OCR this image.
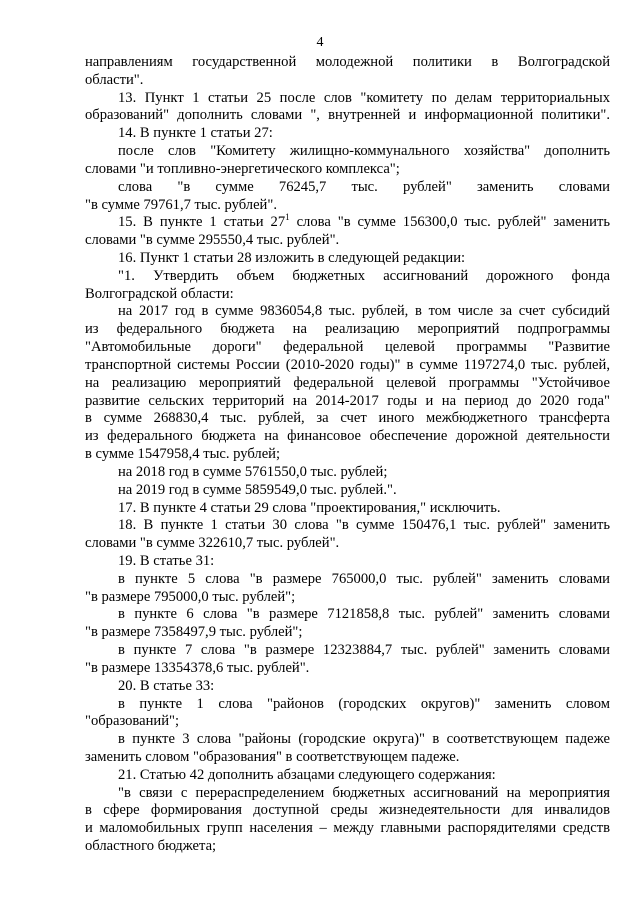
4
направлениям государственной молодежной политики в Волгоградской
области".
13. Пункт 1 статьи 25 после слов "комитету по делам территориальных
образований" дополнить словами ", внутренней и информационной политики".
14. В пункте 1 статьи 27:
после слов "Комитету жилищно-коммунального хозяйства" дополнить
словами "и топливно-энергетического комплекса";
слова "в сумме 76245,7 тыс. рублей" заменить словами
"в сумме 79761,7 тыс. рублей".
15. В пункте 1 статьи $27^1$ слова "в сумме 156300,0 тыс. рублей" заменить
словами "в сумме 295550,4 тыс. рублей".
16. Пункт 1 статьи 28 изложить в следующей редакции:
"1. Утвердить объем бюджетных ассигнований дорожного фонда
Волгоградской области:
на 2017 год в сумме 9836054,8 тыс. рублей, в том числе за счет субсидий
из федерального бюджета на реализацию мероприятий подпрограммы
"Автомобильные дороги" федеральной целевой программы "Развитие
транспортной системы России (2010-2020 годы)" в сумме 1197274,0 тыс. рублей,
на реализацию мероприятий федеральной целевой программы "Устойчивое
развитие сельских территорий на 2014-2017 годы и на период до 2020 года"
в сумме 268830,4 тыс. рублей, за счет иного межбюджетного трансферта
из федерального бюджета на финансовое обеспечение дорожной деятельности
в сумме 1547958,4 тыс. рублей;
на 2018 год в сумме 5761550,0 тыс. рублей;
на 2019 год в сумме 5859549,0 тыс. рублей.".
17. В пункте 4 статьи 29 слова "проектирования," исключить.
18. В пункте 1 статьи 30 слова "в сумме 150476,1 тыс. рублей" заменить
словами "в сумме 322610,7 тыс. рублей".
19. В статье 31:
в пункте 5 слова "в размере 765000,0 тыс. рублей" заменить словами
"в размере 795000,0 тыс. рублей";
в пункте 6 слова "в размере 7121858,8 тыс. рублей" заменить словами
"в размере 7358497,9 тыс. рублей";
в пункте 7 слова "в размере 12323884,7 тыс. рублей" заменить словами
"в размере 13354378,6 тыс. рублей".
20. В статье 33:
в пункте 1 слова "районов (городских округов)" заменить словом
"образований";
в пункте 3 слова "районы (городские округа)" в соответствующем падеже
заменить словом "образования" в соответствующем падеже.
21. Статью 42 дополнить абзацами следующего содержания:
"в связи с перераспределением бюджетных ассигнований на мероприятия
в сфере формирования доступной среды жизнедеятельности для инвалидов
и маломобильных групп населения – между главными распорядителями средств
областного бюджета;
